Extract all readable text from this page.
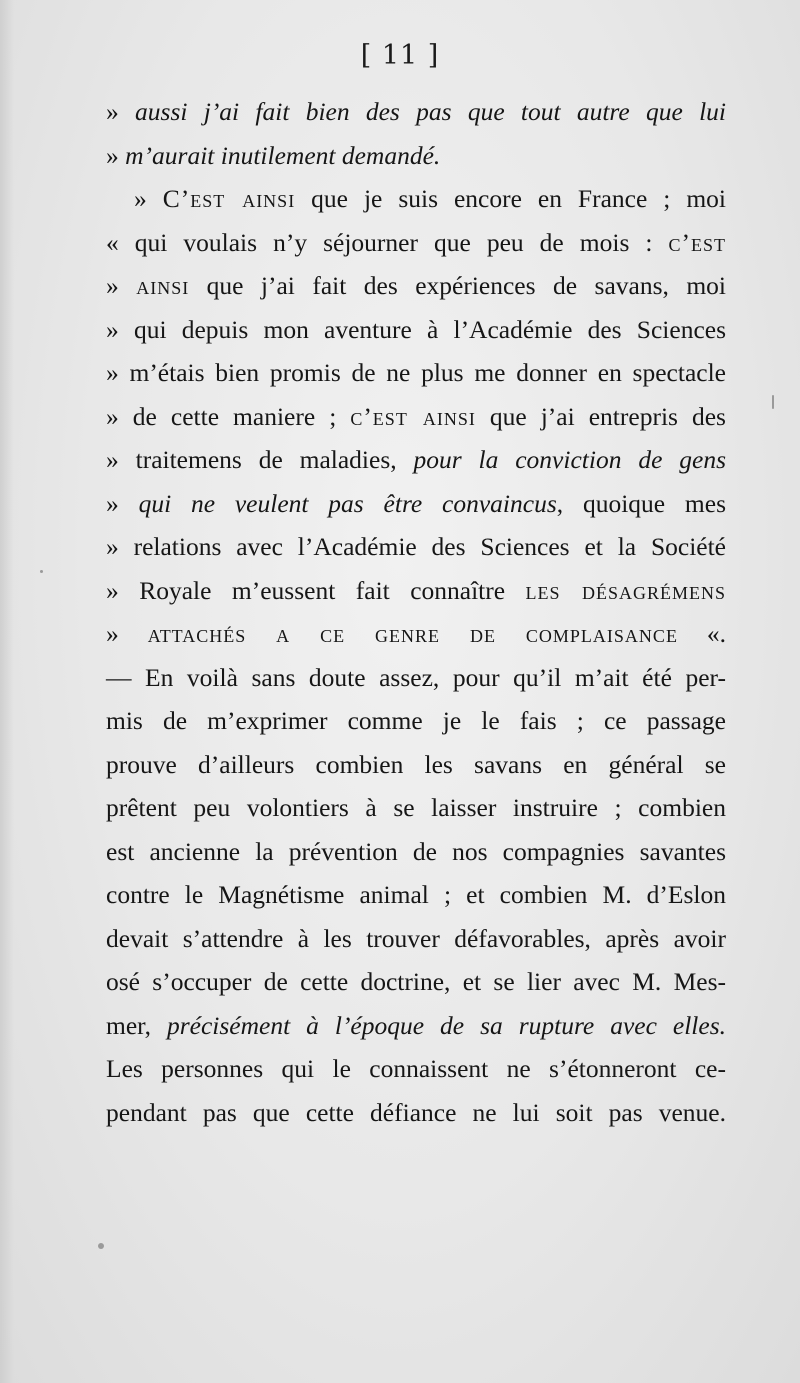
[ 11 ]
» aussi j’ai fait bien des pas que tout autre que lui
» m’aurait inutilement demandé.
» C’est ainsi que je suis encore en France ; moi
« qui voulais n’y séjourner que peu de mois : c’est
» ainsi que j’ai fait des expériences de savans, moi
» qui depuis mon aventure à l’Académie des Sciences
» m’étais bien promis de ne plus me donner en spectacle
» de cette maniere ; c’est ainsi que j’ai entrepris des
» traitemens de maladies, pour la conviction de gens
» qui ne veulent pas être convaincus, quoique mes
» relations avec l’Académie des Sciences et la Société
» Royale m’eussent fait connaître les désagrémens
» attachés a ce genre de complaisance «.
— En voilà sans doute assez, pour qu’il m’ait été per-
mis de m’exprimer comme je le fais ; ce passage
prouve d’ailleurs combien les savans en général se
prêtent peu volontiers à se laisser instruire ; combien
est ancienne la prévention de nos compagnies savantes
contre le Magnétisme animal ; et combien M. d’Eslon
devait s’attendre à les trouver défavorables, après avoir
osé s’occuper de cette doctrine, et se lier avec M. Mes-
mer, précisément à l’époque de sa rupture avec elles.
Les personnes qui le connaissent ne s’étonneront ce-
pendant pas que cette défiance ne lui soit pas venue.
